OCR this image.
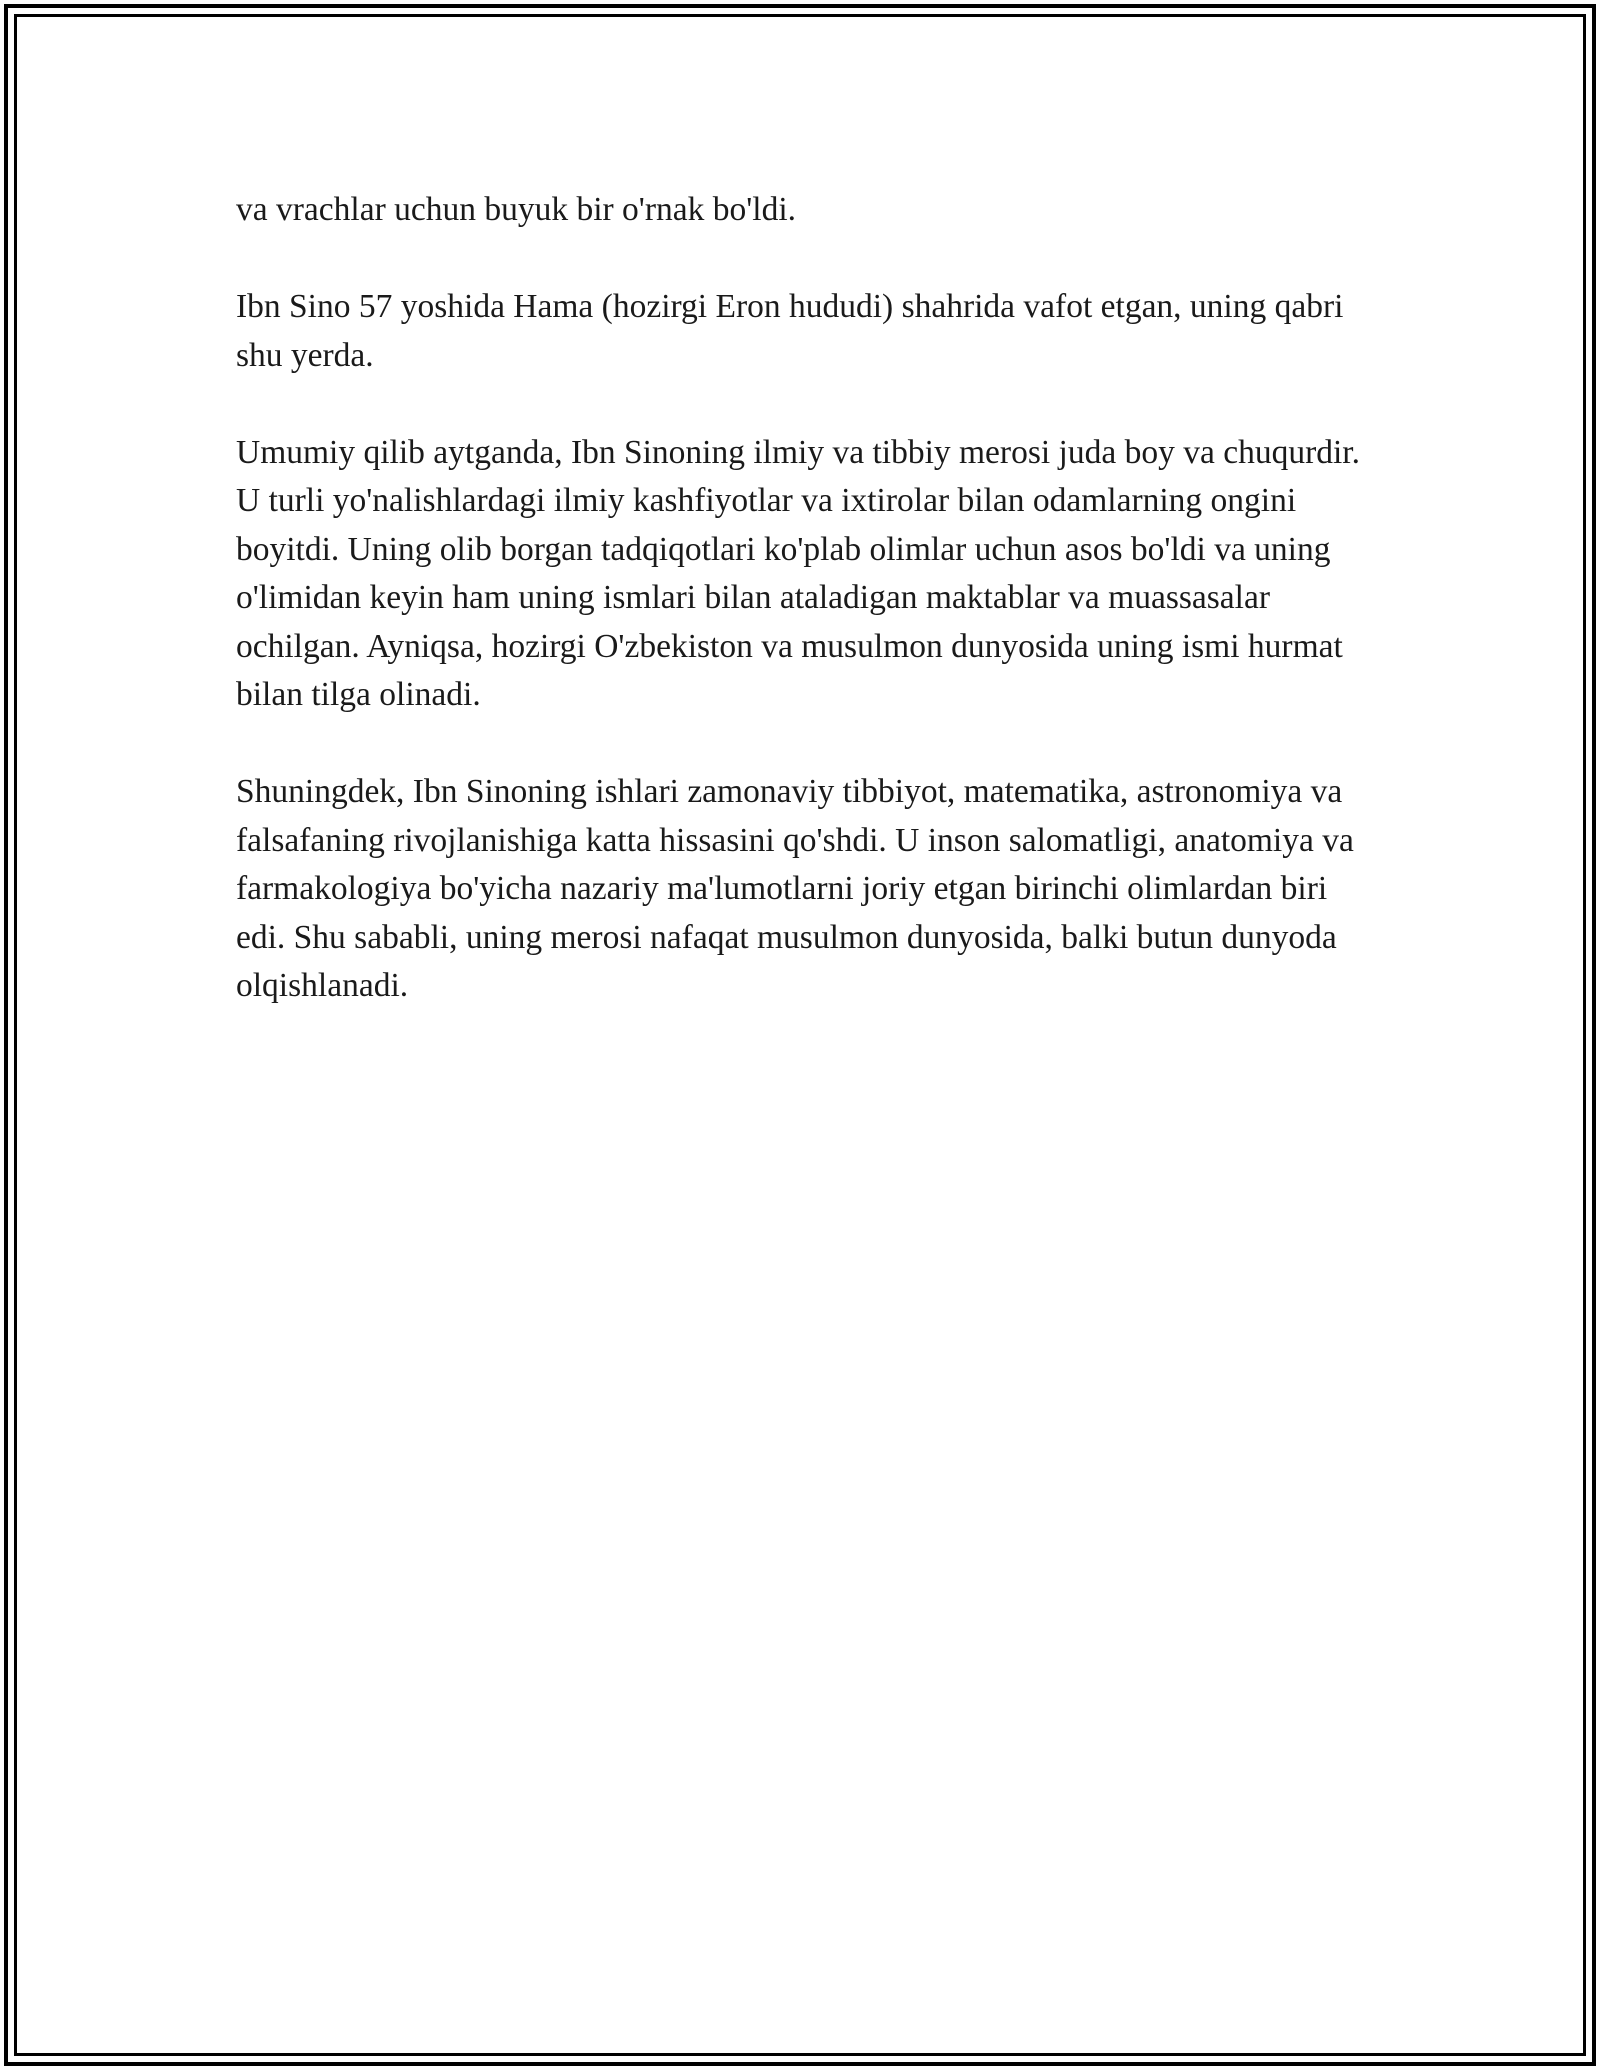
va vrachlar uchun buyuk bir o'rnak bo'ldi.

Ibn Sino 57 yoshida Hama (hozirgi Eron hududi) shahrida vafot etgan, uning qabri shu yerda.

Umumiy qilib aytganda, Ibn Sinoning ilmiy va tibbiy merosi juda boy va chuqurdir. U turli yo'nalishlardagi ilmiy kashfiyotlar va ixtirolar bilan odamlarning ongini boyitdi. Uning olib borgan tadqiqotlari ko'plab olimlar uchun asos bo'ldi va uning o'limidan keyin ham uning ismlari bilan ataladigan maktablar va muassasalar ochilgan. Ayniqsa, hozirgi O'zbekiston va musulmon dunyosida uning ismi hurmat bilan tilga olinadi.

Shuningdek, Ibn Sinoning ishlari zamonaviy tibbiyot, matematika, astronomiya va falsafaning rivojlanishiga katta hissasini qo'shdi. U inson salomatligi, anatomiya va farmakologiya bo'yicha nazariy ma'lumotlarni joriy etgan birinchi olimlardan biri edi. Shu sababli, uning merosi nafaqat musulmon dunyosida, balki butun dunyoda olqishlanadi.
